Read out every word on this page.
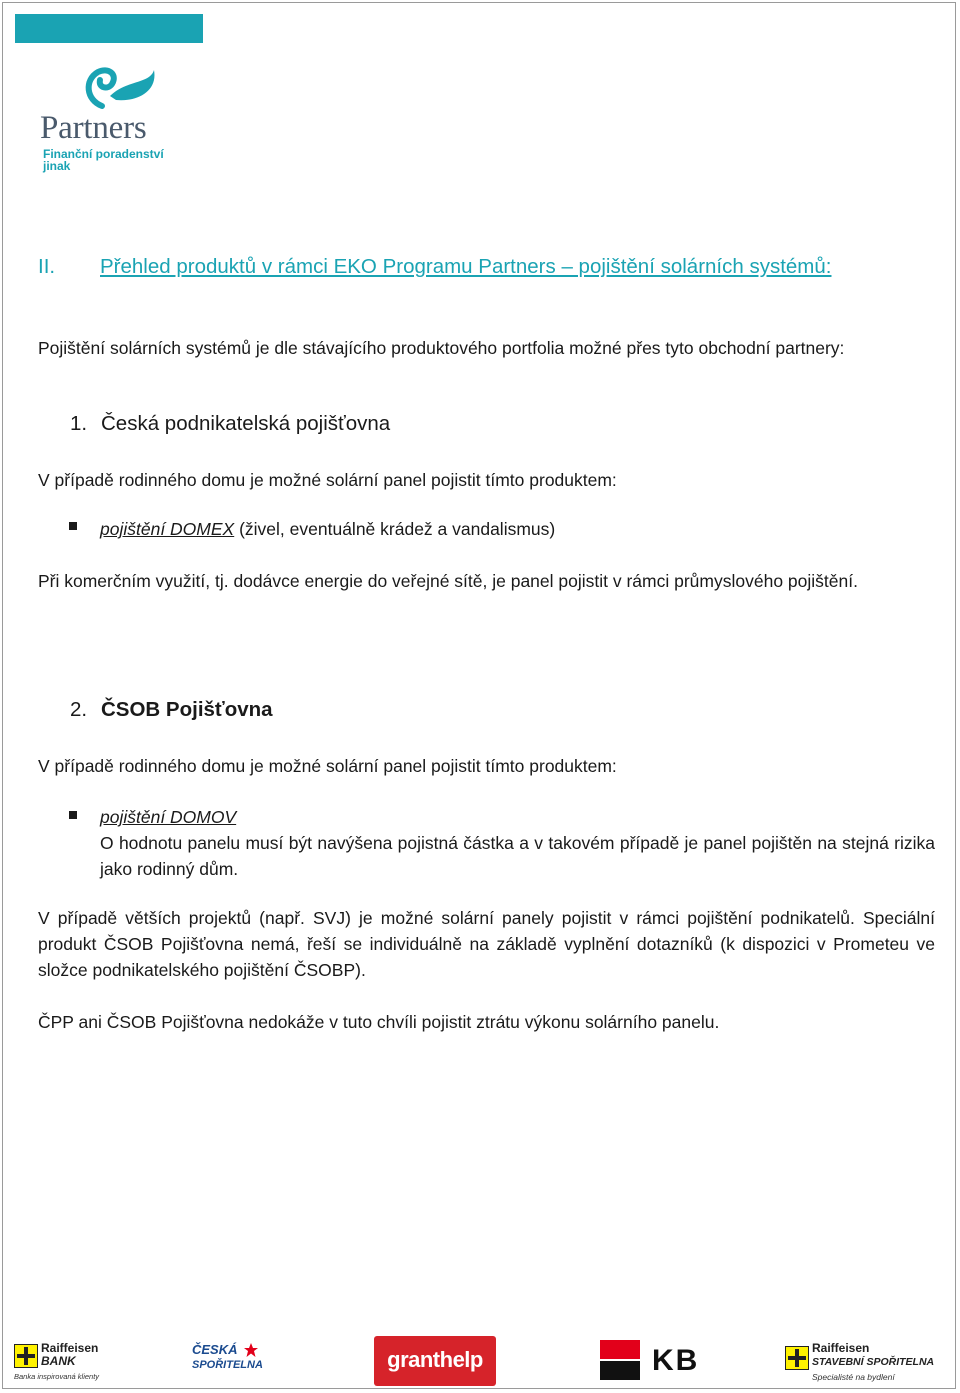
Partners
Finanční poradenství jinak
II. Přehled produktů v rámci EKO Programu Partners – pojištění solárních systémů:
Pojištění solárních systémů je dle stávajícího produktového portfolia možné přes tyto obchodní partnery:
1. Česká podnikatelská pojišťovna
V případě rodinného domu je možné solární panel pojistit tímto produktem:
pojištění DOMEX (živel, eventuálně krádež a vandalismus)
Při komerčním využití, tj. dodávce energie do veřejné sítě, je panel pojistit v rámci průmyslového pojištění.
2. ČSOB Pojišťovna
V případě rodinného domu je možné solární panel pojistit tímto produktem:
pojištění DOMOV
O hodnotu panelu musí být navýšena pojistná částka a v takovém případě je panel pojištěn na stejná rizika jako rodinný dům.
V případě větších projektů (např. SVJ) je možné solární panely pojistit v rámci pojištění podnikatelů. Speciální produkt ČSOB Pojišťovna nemá, řeší se individuálně na základě vyplnění dotazníků (k dispozici v Prometeu ve složce podnikatelského pojištění ČSOBP).
ČPP ani ČSOB Pojišťovna nedokáže v tuto chvíli pojistit ztrátu výkonu solárního panelu.
Raiffeisen
BANK
Banka inspirovaná klienty
ČESKÁ
SPOŘITELNA	granthelp	KB	Raiffeisen
STAVEBNÍ SPOŘITELNA
Specialisté na bydlení
